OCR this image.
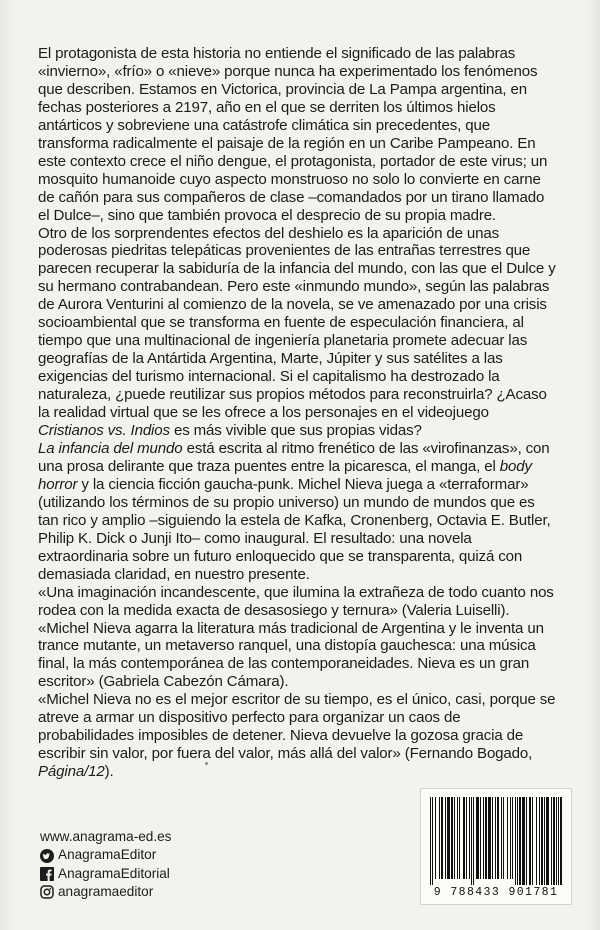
El protagonista de esta historia no entiende el significado de las palabras «invierno», «frío» o «nieve» porque nunca ha experimentado los fenómenos que describen. Estamos en Victorica, provincia de La Pampa argentina, en fechas posteriores a 2197, año en el que se derriten los últimos hielos antárticos y sobreviene una catástrofe climática sin precedentes, que transforma radicalmente el paisaje de la región en un Caribe Pampeano. En este contexto crece el niño dengue, el protagonista, portador de este virus; un mosquito humanoide cuyo aspecto monstruoso no solo lo convierte en carne de cañón para sus compañeros de clase –comandados por un tirano llamado el Dulce–, sino que también provoca el desprecio de su propia madre.

Otro de los sorprendentes efectos del deshielo es la aparición de unas poderosas piedritas telepáticas provenientes de las entrañas terrestres que parecen recuperar la sabiduría de la infancia del mundo, con las que el Dulce y su hermano contrabandean. Pero este «inmundo mundo», según las palabras de Aurora Venturini al comienzo de la novela, se ve amenazado por una crisis socioambiental que se transforma en fuente de especulación financiera, al tiempo que una multinacional de ingeniería planetaria promete adecuar las geografías de la Antártida Argentina, Marte, Júpiter y sus satélites a las exigencias del turismo internacional. Si el capitalismo ha destrozado la naturaleza, ¿puede reutilizar sus propios métodos para reconstruirla? ¿Acaso la realidad virtual que se les ofrece a los personajes en el videojuego Cristianos vs. Indios es más vivible que sus propias vidas?

La infancia del mundo está escrita al ritmo frenético de las «virofinanzas», con una prosa delirante que traza puentes entre la picaresca, el manga, el body horror y la ciencia ficción gaucha-punk. Michel Nieva juega a «terraformar» (utilizando los términos de su propio universo) un mundo de mundos que es tan rico y amplio –siguiendo la estela de Kafka, Cronenberg, Octavia E. Butler, Philip K. Dick o Junji Ito– como inaugural. El resultado: una novela extraordinaria sobre un futuro enloquecido que se transparenta, quizá con demasiada claridad, en nuestro presente.

«Una imaginación incandescente, que ilumina la extrañeza de todo cuanto nos rodea con la medida exacta de desasosiego y ternura» (Valeria Luiselli).

«Michel Nieva agarra la literatura más tradicional de Argentina y le inventa un trance mutante, un metaverso ranquel, una distopía gauchesca: una música final, la más contemporánea de las contemporaneidades. Nieva es un gran escritor» (Gabriela Cabezón Cámara).

«Michel Nieva no es el mejor escritor de su tiempo, es el único, casi, porque se atreve a armar un dispositivo perfecto para organizar un caos de probabilidades imposibles de detener. Nieva devuelve la gozosa gracia de escribir sin valor, por fuera del valor, más allá del valor» (Fernando Bogado, Página/12).

www.anagrama-ed.es
AnagramaEditor
AnagramaEditorial
anagramaeditor	9 788433 901781
